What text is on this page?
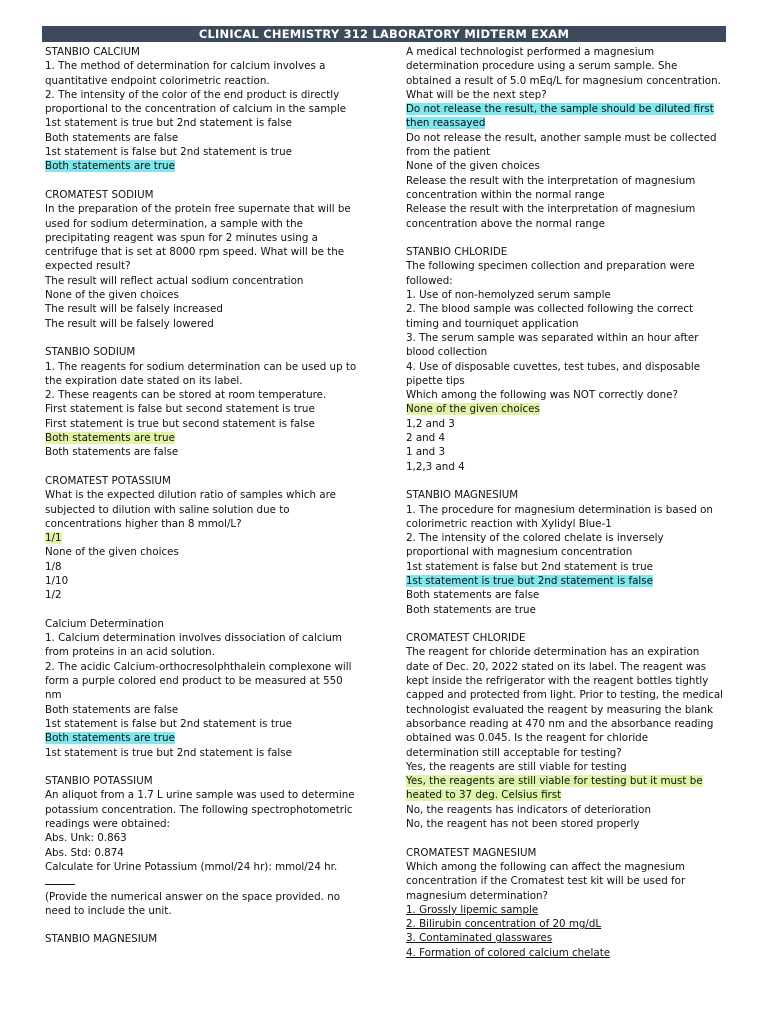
CLINICAL CHEMISTRY 312 LABORATORY MIDTERM EXAM
STANBIO CALCIUM
1. The method of determination for calcium involves a quantitative endpoint colorimetric reaction.
2. The intensity of the color of the end product is directly proportional to the concentration of calcium in the sample
1st statement is true but 2nd statement is false
Both statements are false
1st statement is false but 2nd statement is true
Both statements are true
CROMATEST SODIUM
In the preparation of the protein free supernate that will be used for sodium determination, a sample with the precipitating reagent was spun for 2 minutes using a centrifuge that is set at 8000 rpm speed. What will be the expected result?
The result will reflect actual sodium concentration
None of the given choices
The result will be falsely increased
The result will be falsely lowered
STANBIO SODIUM
1. The reagents for sodium determination can be used up to the expiration date stated on its label.
2. These reagents can be stored at room temperature.
First statement is false but second statement is true
First statement is true but second statement is false
Both statements are true
Both statements are false
CROMATEST POTASSIUM
What is the expected dilution ratio of samples which are subjected to dilution with saline solution due to concentrations higher than 8 mmol/L?
1/1
None of the given choices
1/8
1/10
1/2
Calcium Determination
1. Calcium determination involves dissociation of calcium from proteins in an acid solution.
2. The acidic Calcium-orthocresolphthalein complexone will form a purple colored end product to be measured at 550 nm
Both statements are false
1st statement is false but 2nd statement is true
Both statements are true
1st statement is true but 2nd statement is false
STANBIO POTASSIUM
An aliquot from a 1.7 L urine sample was used to determine potassium concentration. The following spectrophotometric readings were obtained:
Abs. Unk: 0.863
Abs. Std: 0.874
Calculate for Urine Potassium (mmol/24 hr): mmol/24 hr.
(Provide the numerical answer on the space provided. no need to include the unit.
STANBIO MAGNESIUM
A medical technologist performed a magnesium determination procedure using a serum sample. She obtained a result of 5.0 mEq/L for magnesium concentration. What will be the next step?
Do not release the result, the sample should be diluted first then reassayed
Do not release the result, another sample must be collected from the patient
None of the given choices
Release the result with the interpretation of magnesium concentration within the normal range
Release the result with the interpretation of magnesium concentration above the normal range
STANBIO CHLORIDE
The following specimen collection and preparation were followed:
1. Use of non-hemolyzed serum sample
2. The blood sample was collected following the correct timing and tourniquet application
3. The serum sample was separated within an hour after blood collection
4. Use of disposable cuvettes, test tubes, and disposable pipette tips
Which among the following was NOT correctly done?
None of the given choices
1,2 and 3
2 and 4
1 and 3
1,2,3 and 4
STANBIO MAGNESIUM
1. The procedure for magnesium determination is based on colorimetric reaction with Xylidyl Blue-1
2. The intensity of the colored chelate is inversely proportional with magnesium concentration
1st statement is false but 2nd statement is true
1st statement is true but 2nd statement is false
Both statements are false
Both statements are true
CROMATEST CHLORIDE
The reagent for chloride determination has an expiration date of Dec. 20, 2022 stated on its label. The reagent was kept inside the refrigerator with the reagent bottles tightly capped and protected from light. Prior to testing, the medical technologist evaluated the reagent by measuring the blank absorbance reading at 470 nm and the absorbance reading obtained was 0.045. Is the reagent for chloride determination still acceptable for testing?
Yes, the reagents are still viable for testing
Yes, the reagents are still viable for testing but it must be heated to 37 deg. Celsius first
No, the reagents has indicators of deterioration
No, the reagent has not been stored properly
CROMATEST MAGNESIUM
Which among the following can affect the magnesium concentration if the Cromatest test kit will be used for magnesium determination?
1. Grossly lipemic sample
2. Bilirubin concentration of 20 mg/dL
3. Contaminated glasswares
4. Formation of colored calcium chelate
